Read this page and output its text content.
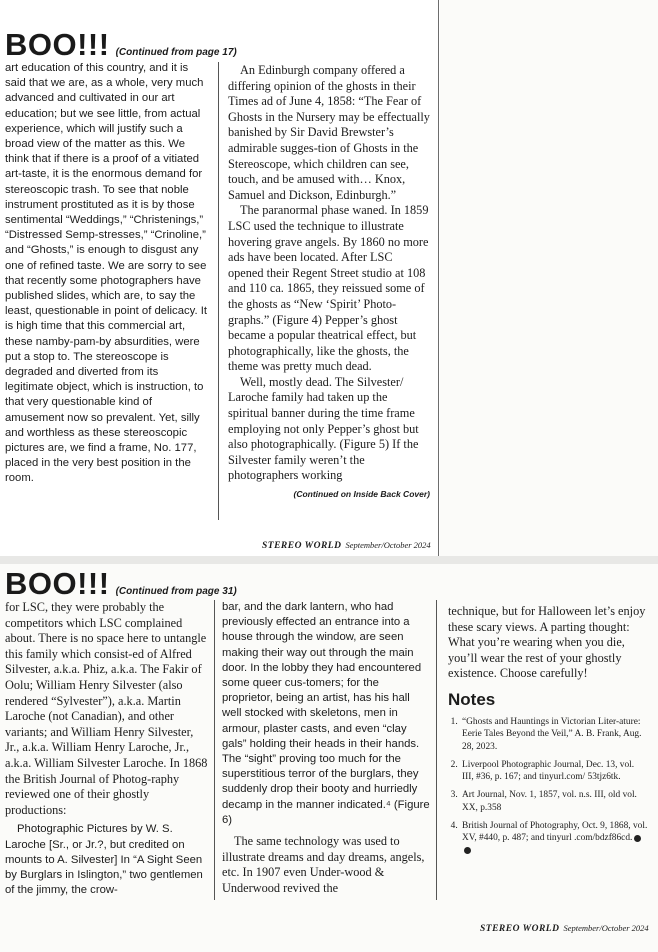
BOO!!! (Continued from page 17)

art education of this country, and it is said that we are, as a whole, very much advanced and cultivated in our art education; but we see little, from actual experience, which will justify such a broad view of the matter as this. We think that if there is a proof of a vitiated art-taste, it is the enormous demand for stereoscopic trash. To see that noble instrument prostituted as it is by those sentimental “Weddings,” “Christenings,” “Distressed Semp-stresses,” “Crinoline,” and “Ghosts,” is enough to disgust any one of refined taste. We are sorry to see that recently some photographers have published slides, which are, to say the least, questionable in point of delicacy. It is high time that this commercial art, these namby-pam-by absurdities, were put a stop to. The stereoscope is degraded and diverted from its legitimate object, which is instruction, to that very questionable kind of amusement now so prevalent. Yet, silly and worthless as these stereoscopic pictures are, we find a frame, No. 177, placed in the very best position in the room.

An Edinburgh company offered a differing opinion of the ghosts in their Times ad of June 4, 1858: “The Fear of Ghosts in the Nursery may be effectually banished by Sir David Brewster’s admirable sugges-tion of Ghosts in the Stereoscope, which children can see, touch, and be amused with… Knox, Samuel and Dickson, Edinburgh.”

The paranormal phase waned. In 1859 LSC used the technique to illustrate hovering grave angels. By 1860 no more ads have been located. After LSC opened their Regent Street studio at 108 and 110 ca. 1865, they reissued some of the ghosts as “New ‘Spirit’ Photo-graphs.” (Figure 4) Pepper’s ghost became a popular theatrical effect, but photographically, like the ghosts, the theme was pretty much dead.

Well, mostly dead. The Silvester/ Laroche family had taken up the spiritual banner during the time frame employing not only Pepper’s ghost but also photographically. (Figure 5) If the Silvester family weren’t the photographers working

(Continued on Inside Back Cover)

STEREO WORLD September/October 2024
BOO!!! (Continued from page 31)

for LSC, they were probably the competitors which LSC complained about. There is no space here to untangle this family which consist-ed of Alfred Silvester, a.k.a. Phiz, a.k.a. The Fakir of Oolu; William Henry Silvester (also rendered “Sylvester”), a.k.a. Martin Laroche (not Canadian), and other variants; and William Henry Silvester, Jr., a.k.a. William Henry Laroche, Jr., a.k.a. William Silvester Laroche. In 1868 the British Journal of Photog-raphy reviewed one of their ghostly productions:

Photographic Pictures by W. S. Laroche [Sr., or Jr.?, but credited on mounts to A. Silvester] In “A Sight Seen by Burglars in Islington,” two gentlemen of the jimmy, the crow-

bar, and the dark lantern, who had previously effected an entrance into a house through the window, are seen making their way out through the main door. In the lobby they had encountered some queer cus-tomers; for the proprietor, being an artist, has his hall well stocked with skeletons, men in armour, plaster casts, and even “clay gals” holding their heads in their hands. The “sight” proving too much for the superstitious terror of the burglars, they suddenly drop their booty and hurriedly decamp in the manner indicated.⁴ (Figure 6)

The same technology was used to illustrate dreams and day dreams, angels, etc. In 1907 even Under-wood & Underwood revived the

technique, but for Halloween let’s enjoy these scary views. A parting thought: What you’re wearing when you die, you’ll wear the rest of your ghostly existence. Choose carefully!

Notes
1. “Ghosts and Hauntings in Victorian Liter-ature: Eerie Tales Beyond the Veil,” A. B. Frank, Aug. 28, 2023.
2. Liverpool Photographic Journal, Dec. 13, vol. III, #36, p. 167; and tinyurl.com/ 53tjz6tk.
3. Art Journal, Nov. 1, 1857, vol. n.s. III, old vol. XX, p.358
4. British Journal of Photography, Oct. 9, 1868, vol. XV, #440, p. 487; and tinyurl .com/bdzf86cd.
STEREO WORLD September/October 2024
